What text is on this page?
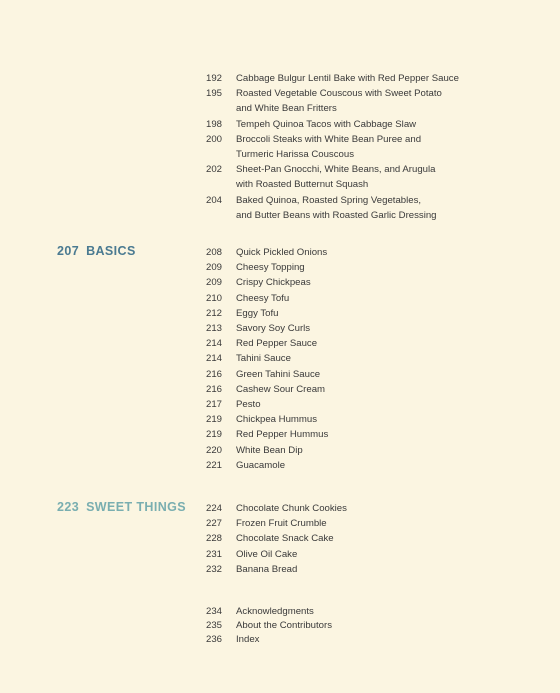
192	Cabbage Bulgur Lentil Bake with Red Pepper Sauce
195	Roasted Vegetable Couscous with Sweet Potato
and White Bean Fritters
198	Tempeh Quinoa Tacos with Cabbage Slaw
200	Broccoli Steaks with White Bean Puree and
Turmeric Harissa Couscous
202	Sheet-Pan Gnocchi, White Beans, and Arugula
with Roasted Butternut Squash
204	Baked Quinoa, Roasted Spring Vegetables,
and Butter Beans with Roasted Garlic Dressing
207 BASICS	208	Quick Pickled Onions
209	Cheesy Topping
209	Crispy Chickpeas
210	Cheesy Tofu
212	Eggy Tofu
213	Savory Soy Curls
214	Red Pepper Sauce
214	Tahini Sauce
216	Green Tahini Sauce
216	Cashew Sour Cream
217	Pesto
219	Chickpea Hummus
219	Red Pepper Hummus
220	White Bean Dip
221	Guacamole
223 SWEET THINGS 224	Chocolate Chunk Cookies
227	Frozen Fruit Crumble
228	Chocolate Snack Cake
231	Olive Oil Cake
232	Banana Bread
234	Acknowledgments
235	About the Contributors
236	Index
